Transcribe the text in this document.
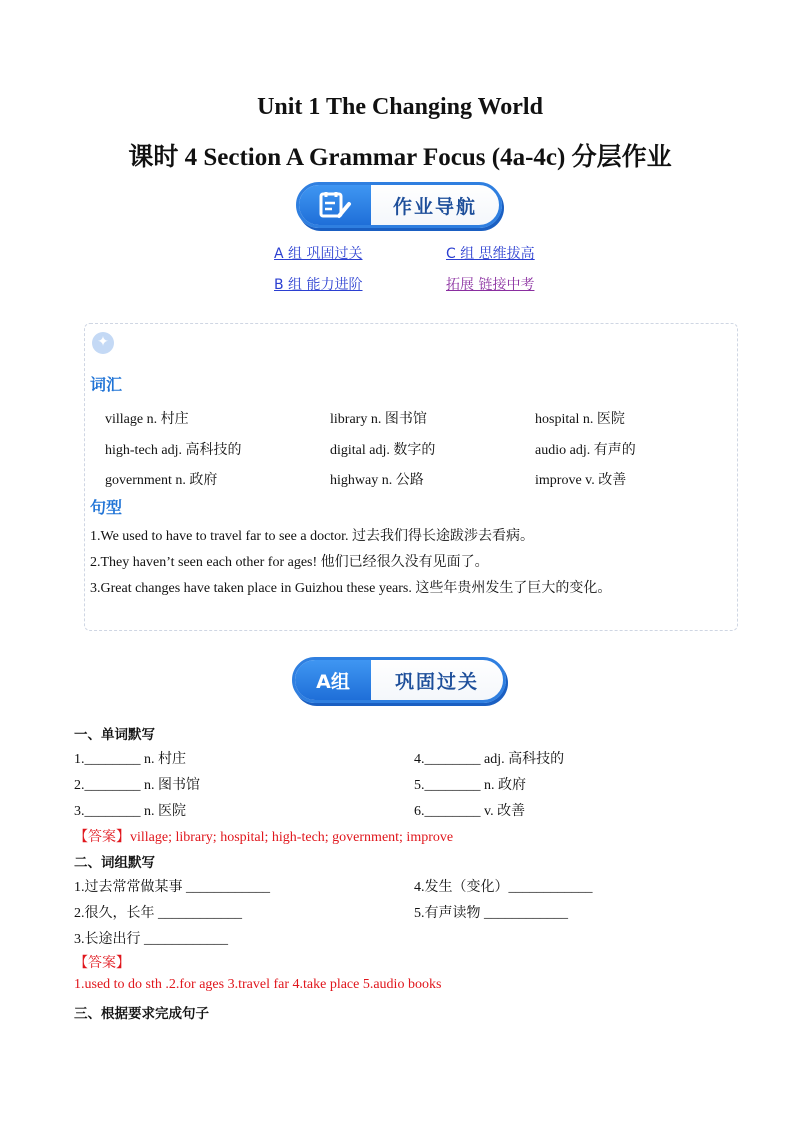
Unit 1 The Changing World
课时 4 Section A Grammar Focus (4a-4c) 分层作业
作业导航
A 组 巩固过关	C 组 思维拔高
B 组 能力进阶	拓展 链接中考
✦
词汇
village n. 村庄	library n. 图书馆	hospital n. 医院
high-tech adj. 高科技的	digital adj. 数字的	audio adj. 有声的
government n. 政府	highway n. 公路	improve v. 改善
句型
1.We used to have to travel far to see a doctor. 过去我们得长途跋涉去看病。
2.They haven’t seen each other for ages! 他们已经很久没有见面了。
3.Great changes have taken place in Guizhou these years. 这些年贵州发生了巨大的变化。
A组	巩固过关
一、单词默写
1.________ n. 村庄	4.________ adj. 高科技的
2.________ n. 图书馆	5.________ n. 政府
3.________ n. 医院	6.________ v. 改善
【答案】village; library; hospital; high-tech; government; improve
二、词组默写
1.过去常常做某事 ____________	4.发生（变化）____________
2.很久，长年 ____________	5.有声读物 ____________
3.长途出行 ____________
【答案】
1.used to do sth .2.for ages 3.travel far 4.take place 5.audio books
三、根据要求完成句子
